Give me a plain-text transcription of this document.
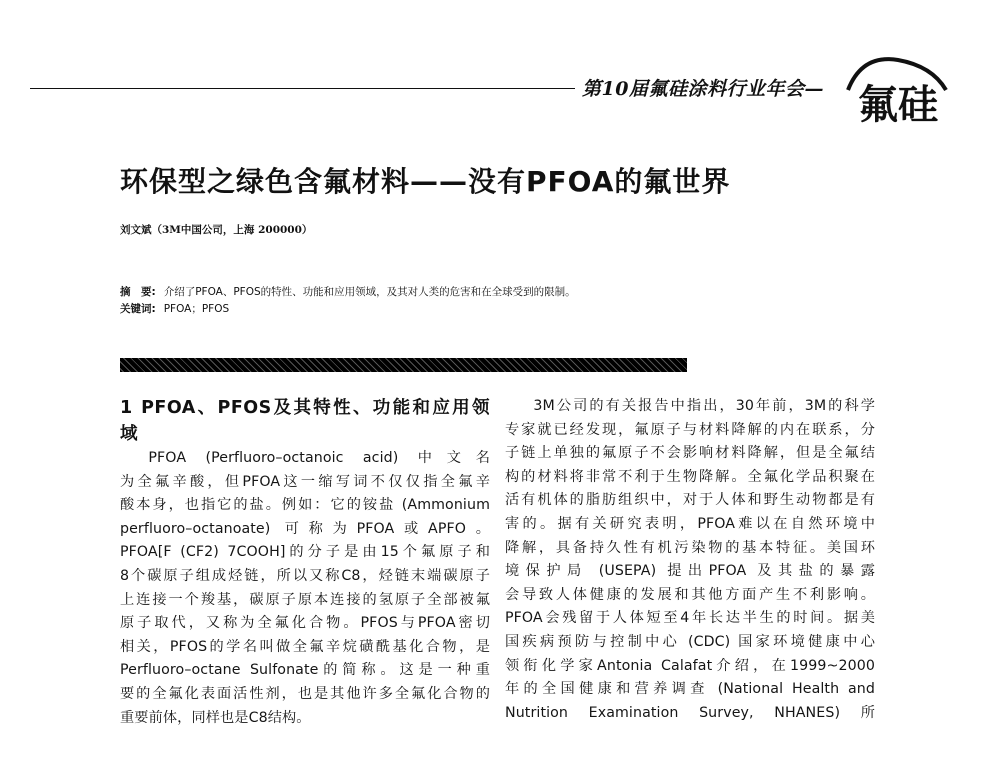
第10届氟硅涂料行业年会— 氟硅
环保型之绿色含氟材料——没有PFOA的氟世界
刘文斌（3M中国公司，上海 200000）
摘　要: 介绍了PFOA、PFOS的特性、功能和应用领域，及其对人类的危害和在全球受到的限制。
关键词: PFOA；PFOS
1 PFOA、PFOS及其特性、功能和应用领
域

PFOA (Perfluoro–octanoic acid) 中文名
为全氟辛酸，但PFOA这一缩写词不仅仅指全氟辛
酸本身，也指它的盐。例如：它的铵盐 (Ammonium
perfluoro–octanoate) 可称为PFOA或APFO。
PFOA[F (CF2) 7COOH]的分子是由15个氟原子和
8个碳原子组成烃链，所以又称C8，烃链末端碳原子
上连接一个羧基，碳原子原本连接的氢原子全部被氟
原子取代，又称为全氟化合物。PFOS与PFOA密切
相关，PFOS的学名叫做全氟辛烷磺酰基化合物，是
Perfluoro–octane Sulfonate的简称。这是一种重
要的全氟化表面活性剂，也是其他许多全氟化合物的
重要前体，同样也是C8结构。

3M公司的有关报告中指出，30年前，3M的科学
专家就已经发现，氟原子与材料降解的内在联系，分
子链上单独的氟原子不会影响材料降解，但是全氟结
构的材料将非常不利于生物降解。全氟化学品积聚在
活有机体的脂肪组织中，对于人体和野生动物都是有
害的。据有关研究表明，PFOA难以在自然环境中
降解，具备持久性有机污染物的基本特征。美国环
境保护局 (USEPA) 提出PFOA 及其盐的暴露
会导致人体健康的发展和其他方面产生不利影响。
PFOA会残留于人体短至4年长达半生的时间。据美
国疾病预防与控制中心 (CDC) 国家环境健康中心
领衔化学家Antonia Calafat介绍，在1999~2000
年的全国健康和营养调查 (National Health and
Nutrition Examination Survey, NHANES) 所
